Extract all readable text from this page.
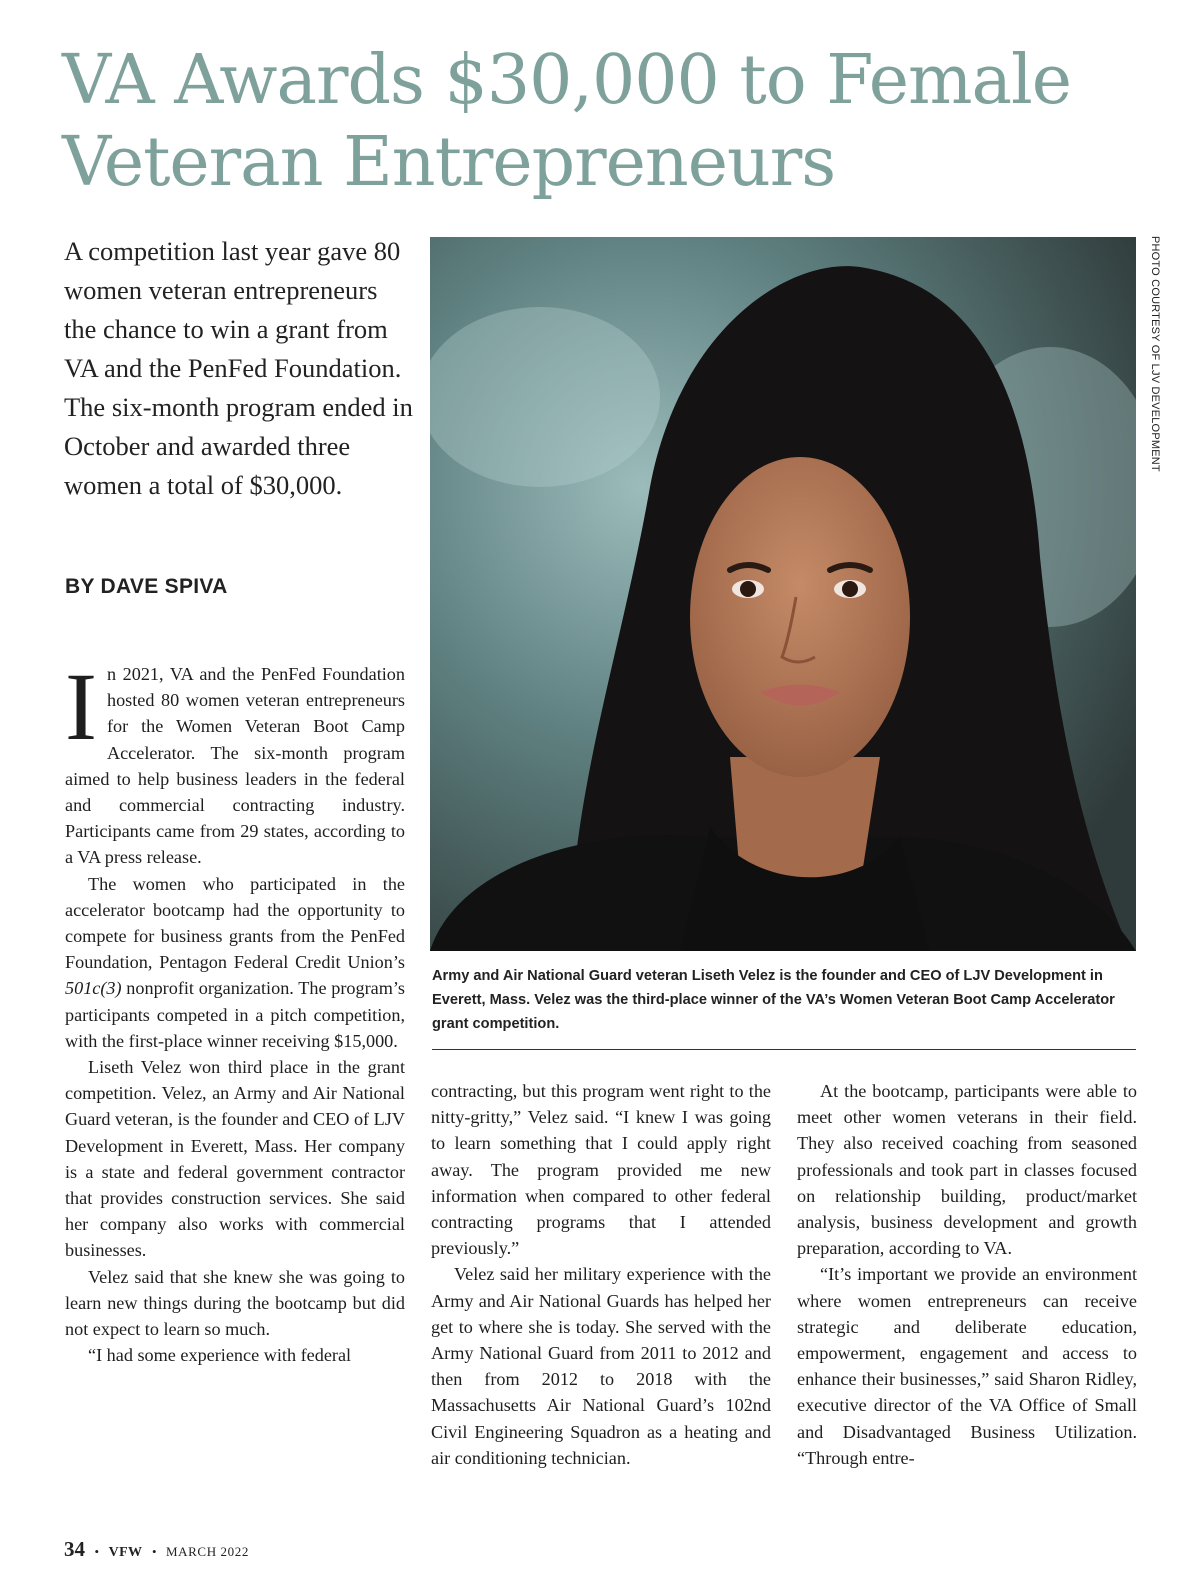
VA Awards $30,000 to Female Veteran Entrepreneurs

A competition last year gave 80 women veteran entrepreneurs the chance to win a grant from VA and the PenFed Foundation. The six-month program ended in October and awarded three women a total of $30,000.

BY DAVE SPIVA

In 2021, VA and the PenFed Foundation hosted 80 women veteran entrepreneurs for the Women Veteran Boot Camp Accelerator. The six-month program aimed to help business leaders in the federal and commercial contracting industry. Participants came from 29 states, according to a VA press release.

The women who participated in the accelerator bootcamp had the opportunity to compete for business grants from the PenFed Foundation, Pentagon Federal Credit Union’s 501c(3) nonprofit organization. The program’s participants competed in a pitch competition, with the first-place winner receiving $15,000.

Liseth Velez won third place in the grant competition. Velez, an Army and Air National Guard veteran, is the founder and CEO of LJV Development in Everett, Mass. Her company is a state and federal government contractor that provides construction services. She said her company also works with commercial businesses.

Velez said that she knew she was going to learn new things during the bootcamp but did not expect to learn so much.

“I had some experience with federal

PHOTO COURTESY OF LJV DEVELOPMENT

Army and Air National Guard veteran Liseth Velez is the founder and CEO of LJV Development in Everett, Mass. Velez was the third-place winner of the VA’s Women Veteran Boot Camp Accelerator grant competition.

contracting, but this program went right to the nitty-gritty,” Velez said. “I knew I was going to learn something that I could apply right away. The program provided me new information when compared to other federal contracting programs that I attended previously.”

Velez said her military experience with the Army and Air National Guards has helped her get to where she is today. She served with the Army National Guard from 2011 to 2012 and then from 2012 to 2018 with the Massachusetts Air National Guard’s 102nd Civil Engineering Squadron as a heating and air conditioning technician.

At the bootcamp, participants were able to meet other women veterans in their field. They also received coaching from seasoned professionals and took part in classes focused on relationship building, product/market analysis, business development and growth preparation, according to VA.

“It’s important we provide an environment where women entrepreneurs can receive strategic and deliberate education, empowerment, engagement and access to enhance their businesses,” said Sharon Ridley, executive director of the VA Office of Small and Disadvantaged Business Utilization. “Through entre-

34 • VFW • MARCH 2022
